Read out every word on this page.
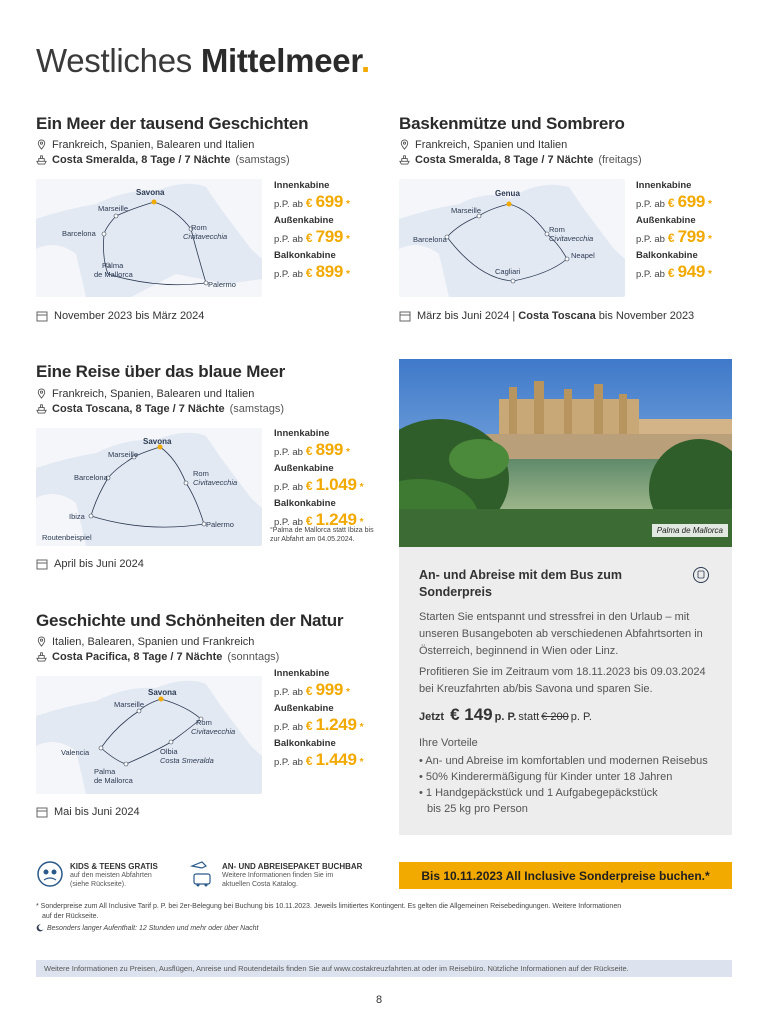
Westliches Mittelmeer.
Ein Meer der tausend Geschichten
Frankreich, Spanien, Balearen und Italien
Costa Smeralda, 8 Tage / 7 Nächte (samstags)
Savona
Marseille
Barcelona
Rom
Civitavecchia
Palma
de Mallorca
Palermo
Innenkabine
p.P. ab € 699 *
Außenkabine
p.P. ab € 799 *
Balkonkabine
p.P. ab € 899 *
November 2023 bis März 2024
Baskenmütze und Sombrero
Frankreich, Spanien und Italien
Costa Smeralda, 8 Tage / 7 Nächte (freitags)
Genua
Marseille
Barcelona
Rom
Civitavecchia
Neapel
Cagliari
Innenkabine
p.P. ab € 699 *
Außenkabine
p.P. ab € 799 *
Balkonkabine
p.P. ab € 949 *
März bis Juni 2024 | Costa Toscana bis November 2023
Eine Reise über das blaue Meer
Frankreich, Spanien, Balearen und Italien
Costa Toscana, 8 Tage / 7 Nächte (samstags)
Savona
Marseille
Barcelona	Rom
Civitavecchia
Ibiza
Palermo
Routenbeispiel
Innenkabine
p.P. ab € 899 *
Außenkabine
p.P. ab € 1.049 *
Balkonkabine
p.P. ab € 1.249 *
°Palma de Mallorca statt Ibiza bis zur Abfahrt am 04.05.2024.
April bis Juni 2024
Geschichte und Schönheiten der Natur
Italien, Balearen, Spanien und Frankreich
Costa Pacifica, 8 Tage / 7 Nächte (sonntags)
Savona
Marseille
Rom
Civitavecchia
Valencia	Olbia
Costa Smeralda
Palma
de Mallorca
Innenkabine
p.P. ab € 999 *
Außenkabine
p.P. ab € 1.249 *
Balkonkabine
p.P. ab € 1.449 *
Mai bis Juni 2024
Palma de Mallorca
An- und Abreise mit dem Bus zum Sonderpreis
Starten Sie entspannt und stressfrei in den Urlaub – mit unseren Busangeboten ab verschiedenen Abfahrtsorten in Österreich, beginnend in Wien oder Linz.
Profitieren Sie im Zeitraum vom 18.11.2023 bis 09.03.2024 bei Kreuzfahrten ab/bis Savona und sparen Sie.
Jetzt € 149 p. P. statt € 200 p. P.
Ihre Vorteile
• An- und Abreise im komfortablen und modernen Reisebus
• 50% Kinderermäßigung für Kinder unter 18 Jahren
• 1 Handgepäckstück und 1 Aufgabegepäckstück
bis 25 kg pro Person
KIDS & TEENS GRATIS
auf den meisten Abfahrten
(siehe Rückseite).
AN- UND ABREISEPAKET BUCHBAR
Weitere Informationen finden Sie im
aktuellen Costa Katalog.
Bis 10.11.2023 All Inclusive Sonderpreise buchen.*
* Sonderpreise zum All Inclusive Tarif p. P. bei 2er-Belegung bei Buchung bis 10.11.2023. Jeweils limitiertes Kontingent. Es gelten die Allgemeinen Reisebedingungen. Weitere Informationen
auf der Rückseite.
Besonders langer Aufenthalt: 12 Stunden und mehr oder über Nacht
Weitere Informationen zu Preisen, Ausflügen, Anreise und Routendetails finden Sie auf www.costakreuzfahrten.at oder im Reisebüro. Nützliche Informationen auf der Rückseite.
8
